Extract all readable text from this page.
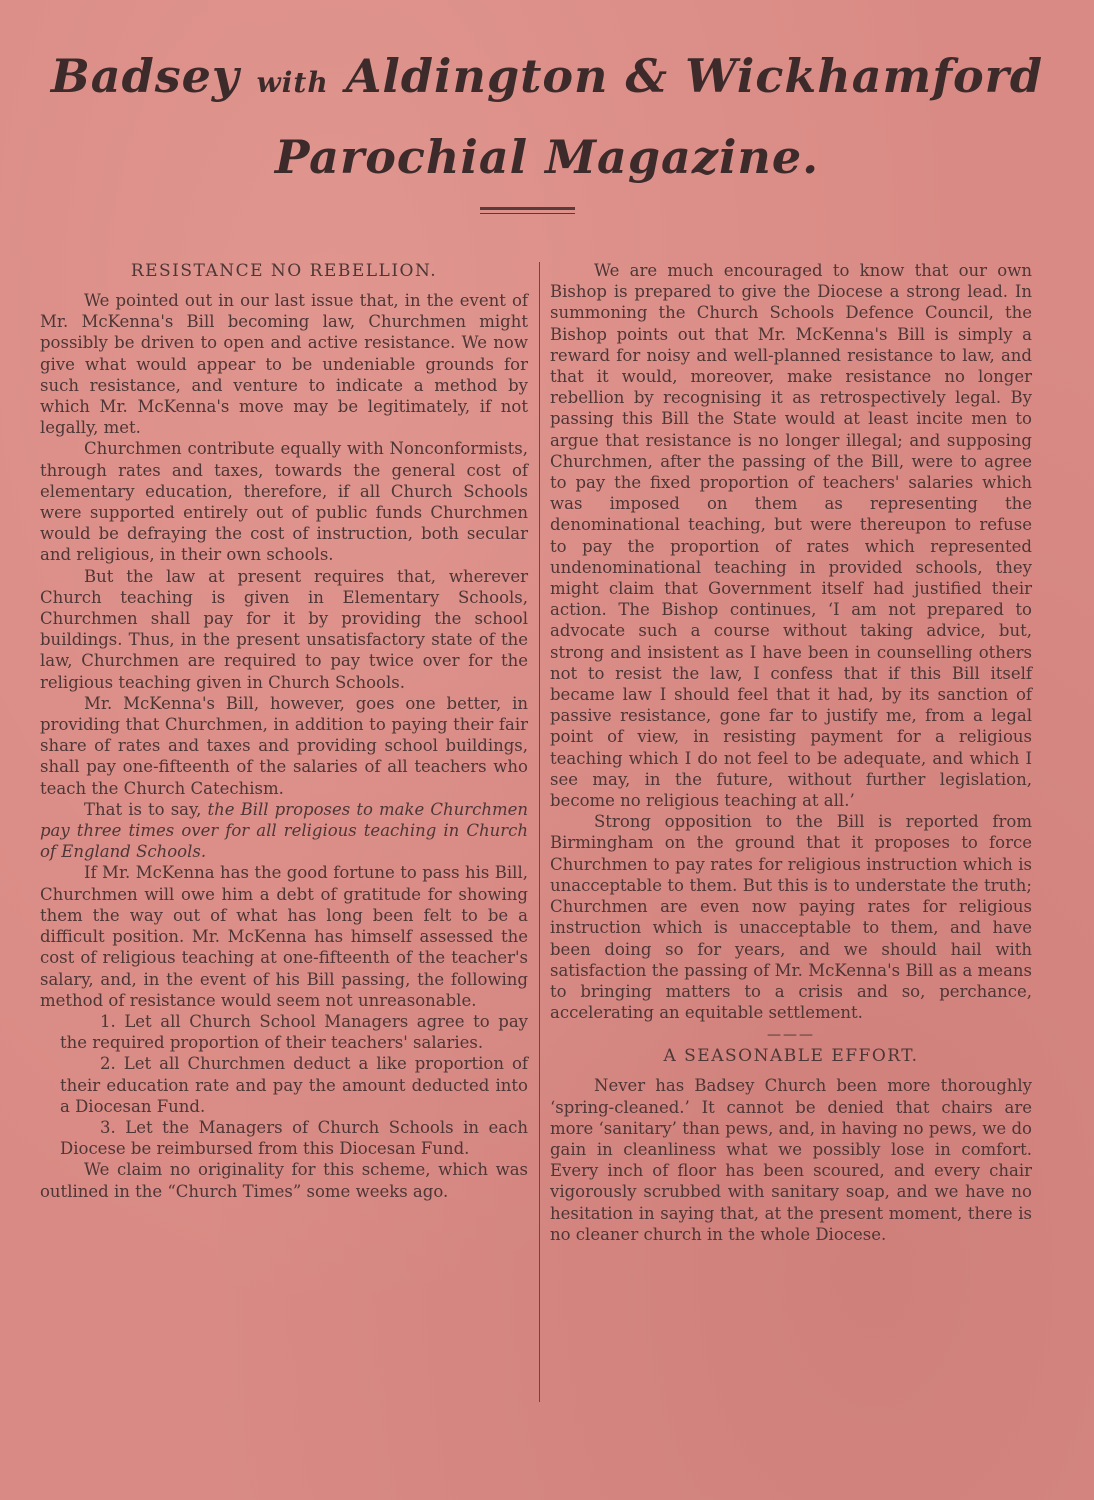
Badsey with Aldington & Wickhamford
Parochial Magazine.
RESISTANCE NO REBELLION.

We pointed out in our last issue that, in the event of Mr. McKenna's Bill becoming law, Churchmen might possibly be driven to open and active resistance. We now give what would appear to be undeniable grounds for such resistance, and venture to indicate a method by which Mr. McKenna's move may be legitimately, if not legally, met.

Churchmen contribute equally with Nonconformists, through rates and taxes, towards the general cost of elementary education, therefore, if all Church Schools were supported entirely out of public funds Churchmen would be defraying the cost of instruction, both secular and religious, in their own schools.

But the law at present requires that, wherever Church teaching is given in Elementary Schools, Churchmen shall pay for it by providing the school buildings. Thus, in the present unsatisfactory state of the law, Churchmen are required to pay twice over for the religious teaching given in Church Schools.

Mr. McKenna's Bill, however, goes one better, in providing that Churchmen, in addition to paying their fair share of rates and taxes and providing school buildings, shall pay one-fifteenth of the salaries of all teachers who teach the Church Catechism.

That is to say, the Bill proposes to make Churchmen pay three times over for all religious teaching in Church of England Schools.

If Mr. McKenna has the good fortune to pass his Bill, Churchmen will owe him a debt of gratitude for showing them the way out of what has long been felt to be a difficult position. Mr. McKenna has himself assessed the cost of religious teaching at one-fifteenth of the teacher's salary, and, in the event of his Bill passing, the following method of resistance would seem not unreasonable.

1. Let all Church School Managers agree to pay the required proportion of their teachers' salaries.

2. Let all Churchmen deduct a like proportion of their education rate and pay the amount deducted into a Diocesan Fund.

3. Let the Managers of Church Schools in each Diocese be reimbursed from this Diocesan Fund.

We claim no originality for this scheme, which was outlined in the “Church Times” some weeks ago.

We are much encouraged to know that our own Bishop is prepared to give the Diocese a strong lead. In summoning the Church Schools Defence Council, the Bishop points out that Mr. McKenna's Bill is simply a reward for noisy and well-planned resistance to law, and that it would, moreover, make resistance no longer rebellion by recognising it as retrospectively legal. By passing this Bill the State would at least incite men to argue that resistance is no longer illegal; and supposing Churchmen, after the passing of the Bill, were to agree to pay the fixed proportion of teachers' salaries which was imposed on them as representing the denominational teaching, but were thereupon to refuse to pay the proportion of rates which represented undenominational teaching in provided schools, they might claim that Government itself had justified their action. The Bishop continues, ‘I am not prepared to advocate such a course without taking advice, but, strong and insistent as I have been in counselling others not to resist the law, I confess that if this Bill itself became law I should feel that it had, by its sanction of passive resistance, gone far to justify me, from a legal point of view, in resisting payment for a religious teaching which I do not feel to be adequate, and which I see may, in the future, without further legislation, become no religious teaching at all.’

Strong opposition to the Bill is reported from Birmingham on the ground that it proposes to force Churchmen to pay rates for religious instruction which is unacceptable to them. But this is to understate the truth; Churchmen are even now paying rates for religious instruction which is unacceptable to them, and have been doing so for years, and we should hail with satisfaction the passing of Mr. McKenna's Bill as a means to bringing matters to a crisis and so, perchance, accelerating an equitable settlement.

———
A SEASONABLE EFFORT.

Never has Badsey Church been more thoroughly ‘spring-cleaned.’ It cannot be denied that chairs are more ‘sanitary’ than pews, and, in having no pews, we do gain in cleanliness what we possibly lose in comfort. Every inch of floor has been scoured, and every chair vigorously scrubbed with sanitary soap, and we have no hesitation in saying that, at the present moment, there is no cleaner church in the whole Diocese.
